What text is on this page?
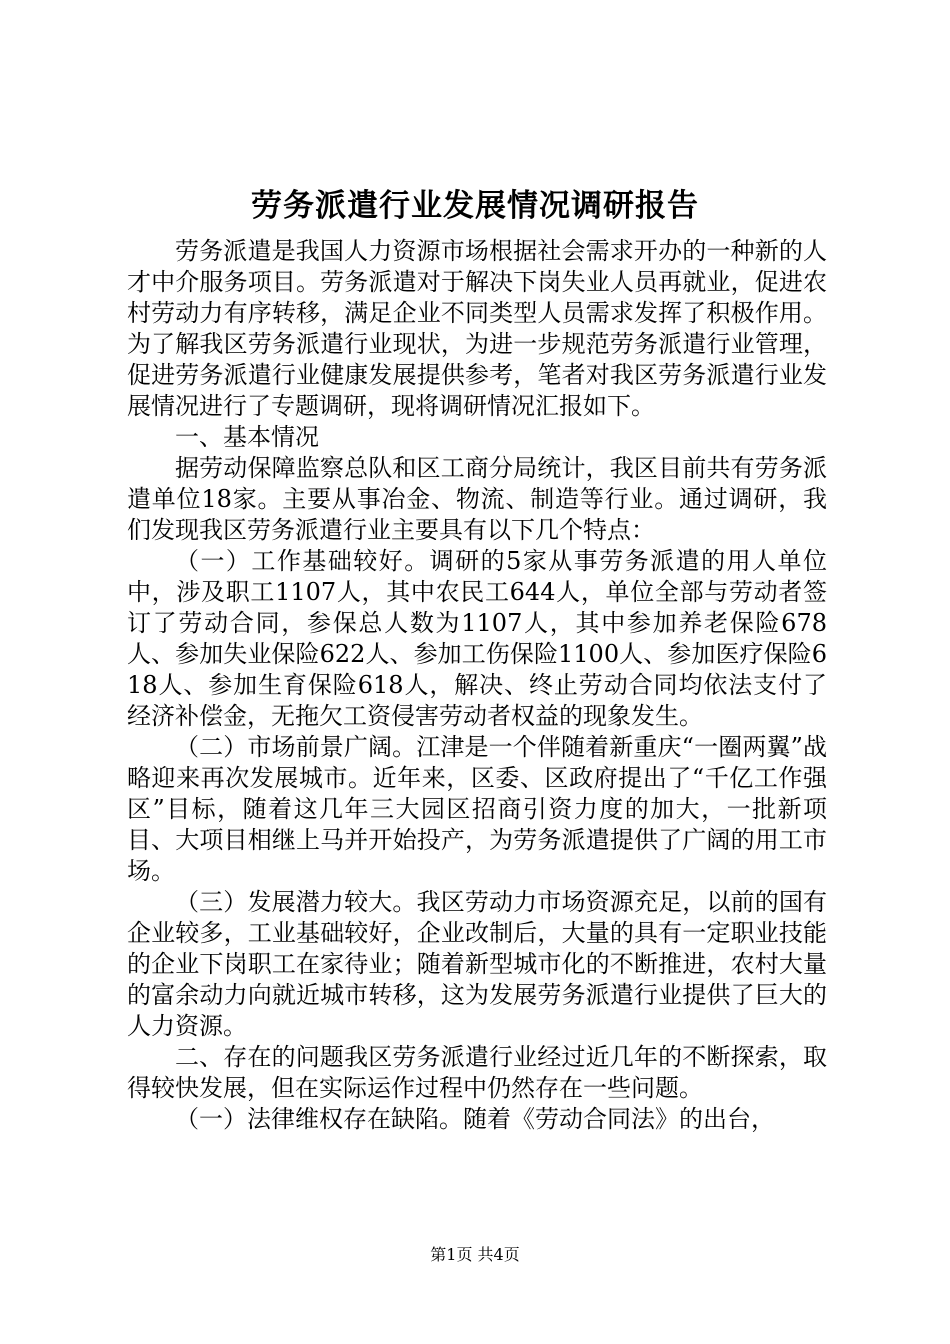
劳务派遣行业发展情况调研报告

劳务派遣是我国人力资源市场根据社会需求开办的一种新的人才中介服务项目。劳务派遣对于解决下岗失业人员再就业，促进农村劳动力有序转移，满足企业不同类型人员需求发挥了积极作用。为了解我区劳务派遣行业现状，为进一步规范劳务派遣行业管理，促进劳务派遣行业健康发展提供参考，笔者对我区劳务派遣行业发展情况进行了专题调研，现将调研情况汇报如下。

一、基本情况

据劳动保障监察总队和区工商分局统计，我区目前共有劳务派遣单位18家。主要从事冶金、物流、制造等行业。通过调研，我们发现我区劳务派遣行业主要具有以下几个特点：

（一）工作基础较好。调研的5家从事劳务派遣的用人单位中，涉及职工1107人，其中农民工644人，单位全部与劳动者签订了劳动合同，参保总人数为1107人，其中参加养老保险678人、参加失业保险622人、参加工伤保险1100人、参加医疗保险618人、参加生育保险618人，解决、终止劳动合同均依法支付了经济补偿金，无拖欠工资侵害劳动者权益的现象发生。

（二）市场前景广阔。江津是一个伴随着新重庆“一圈两翼”战略迎来再次发展城市。近年来，区委、区政府提出了“千亿工作强区”目标，随着这几年三大园区招商引资力度的加大，一批新项目、大项目相继上马并开始投产，为劳务派遣提供了广阔的用工市场。

（三）发展潜力较大。我区劳动力市场资源充足，以前的国有企业较多，工业基础较好，企业改制后，大量的具有一定职业技能的企业下岗职工在家待业；随着新型城市化的不断推进，农村大量的富余动力向就近城市转移，这为发展劳务派遣行业提供了巨大的人力资源。

二、存在的问题我区劳务派遣行业经过近几年的不断探索，取得较快发展，但在实际运作过程中仍然存在一些问题。

（一）法律维权存在缺陷。随着《劳动合同法》的出台，

第1页 共4页
